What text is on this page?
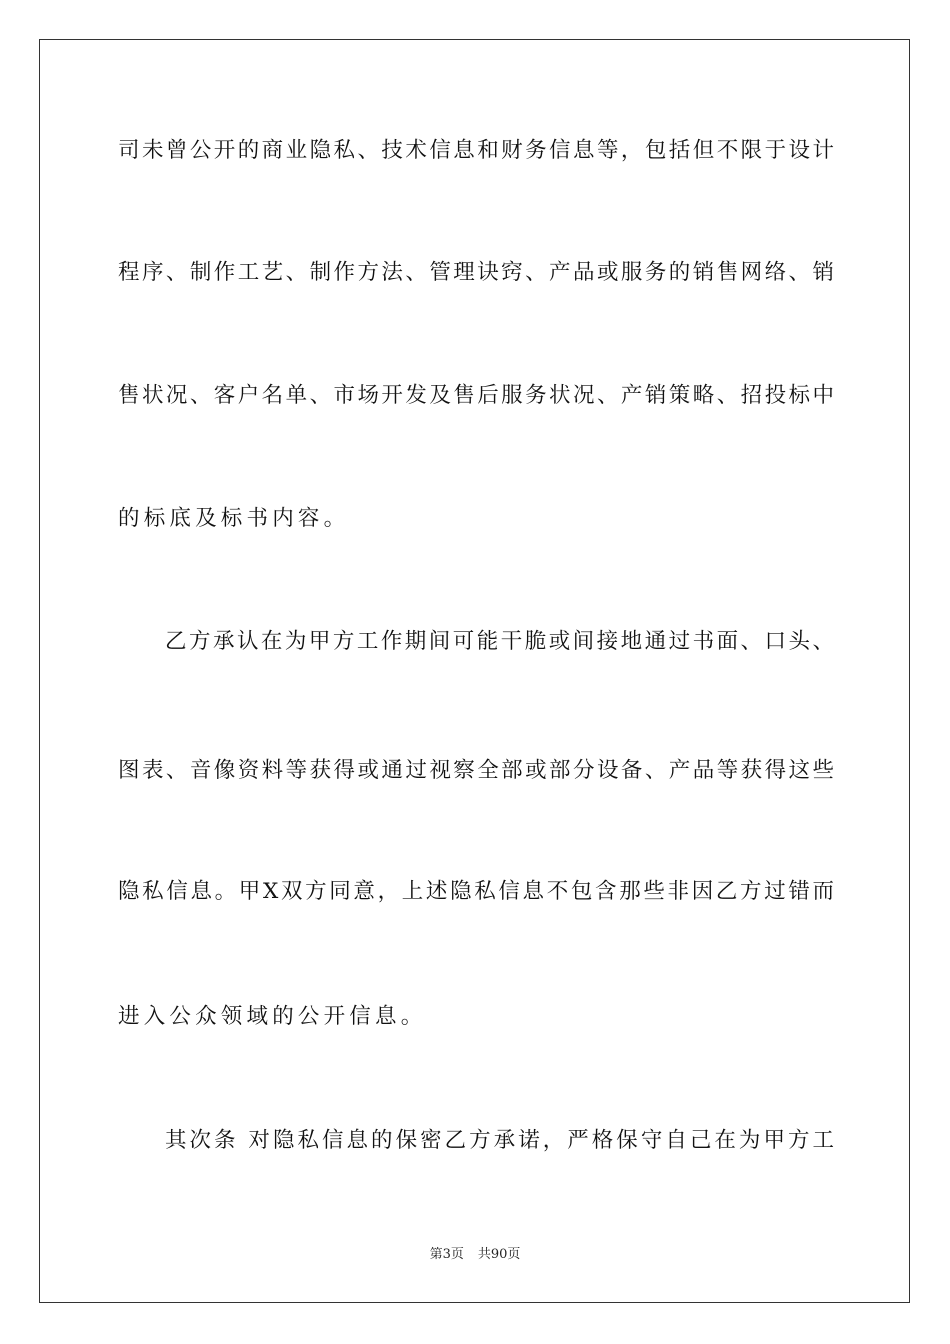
司未曾公开的商业隐私、技术信息和财务信息等，包括但不限于设计
程序、制作工艺、制作方法、管理诀窍、产品或服务的销售网络、销
售状况、客户名单、市场开发及售后服务状况、产销策略、招投标中
的标底及标书内容。
乙方承认在为甲方工作期间可能干脆或间接地通过书面、口头、
图表、音像资料等获得或通过视察全部或部分设备、产品等获得这些
隐私信息。甲X双方同意，上述隐私信息不包含那些非因乙方过错而
进入公众领域的公开信息。
其次条 对隐私信息的保密乙方承诺，严格保守自己在为甲方工
第3页 共90页
